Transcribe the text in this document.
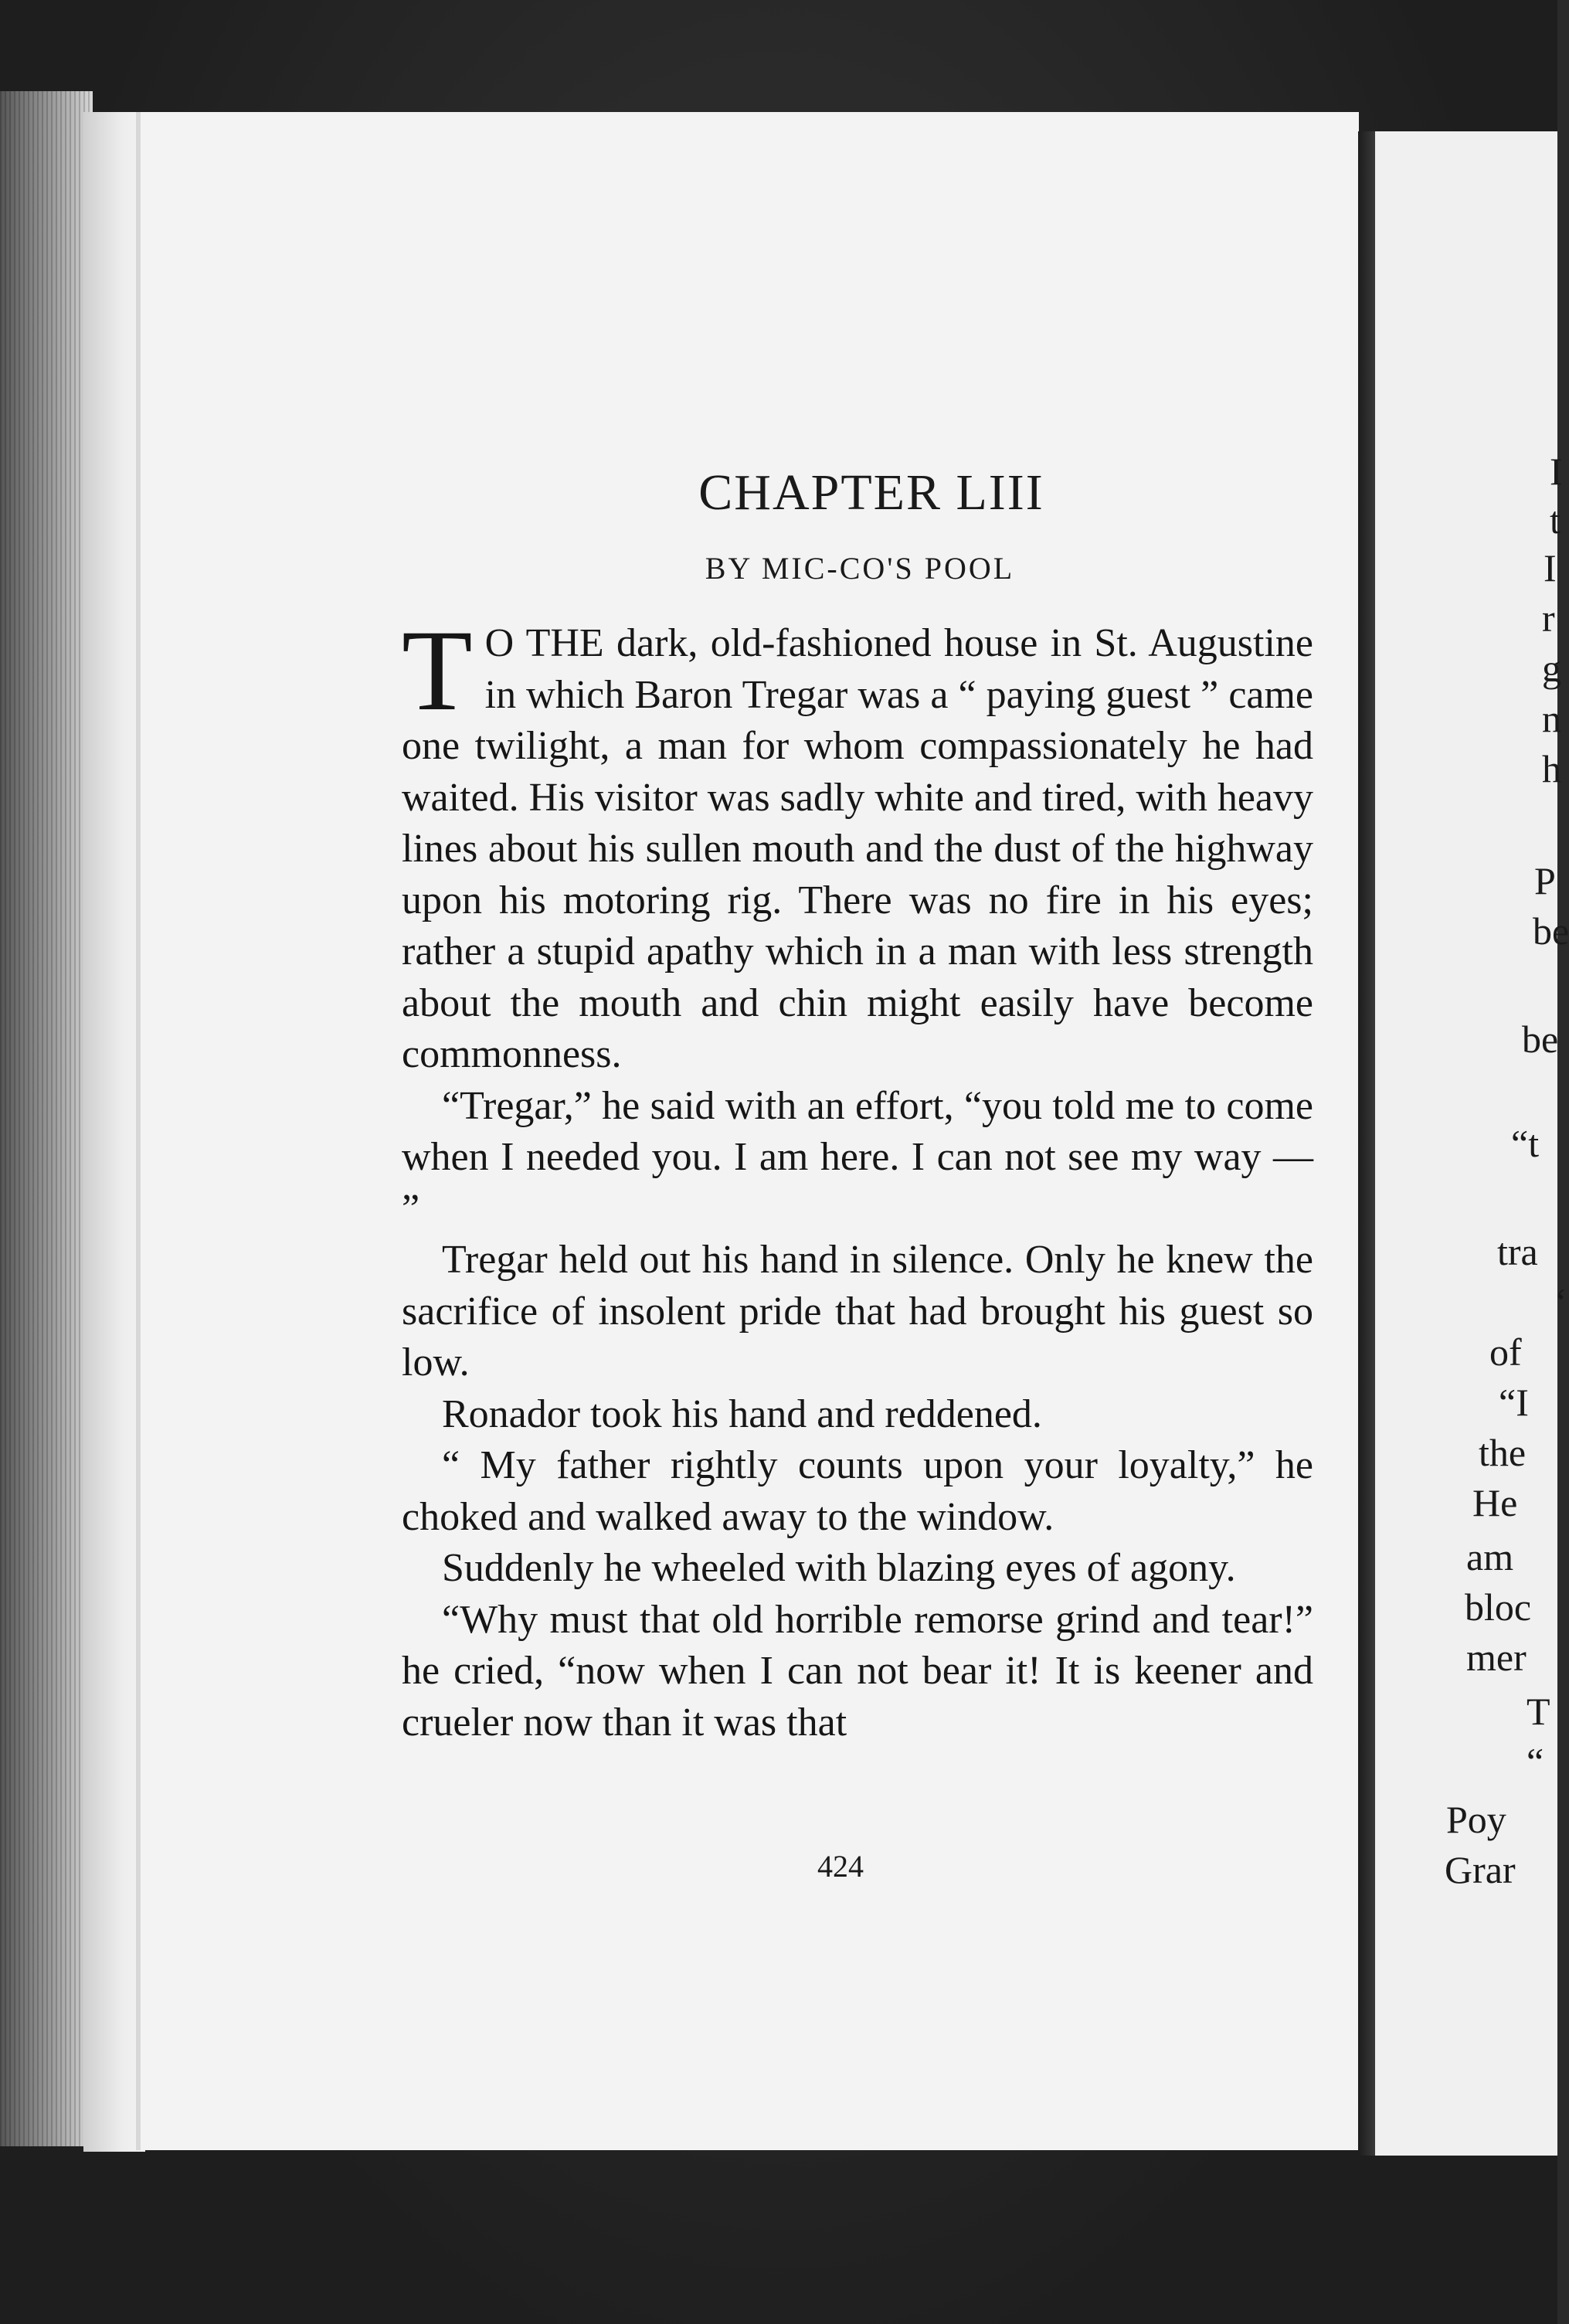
I
t
I
r
g
n
h
P
be
be
“t
tra
‘
of
“I
the
He
am
bloc
mer
T
“
Poy
Grar
CHAPTER LIII
BY MIC-CO'S POOL

T O THE dark, old-fashioned house in St. Augustine in which Baron Tregar was a “ paying guest ” came one twilight, a man for whom compassionately he had waited. His visitor was sadly white and tired, with heavy lines about his sullen mouth and the dust of the highway upon his motoring rig. There was no fire in his eyes; rather a stupid apathy which in a man with less strength about the mouth and chin might easily have become commonness.

“Tregar,” he said with an effort, “you told me to come when I needed you. I am here. I can not see my way — ”

Tregar held out his hand in silence. Only he knew the sacrifice of insolent pride that had brought his guest so low.

Ronador took his hand and reddened.

“ My father rightly counts upon your loyalty,” he choked and walked away to the window.

Suddenly he wheeled with blazing eyes of agony.

“Why must that old horrible remorse grind and tear!” he cried, “now when I can not bear it! It is keener and crueler now than it was that

424
